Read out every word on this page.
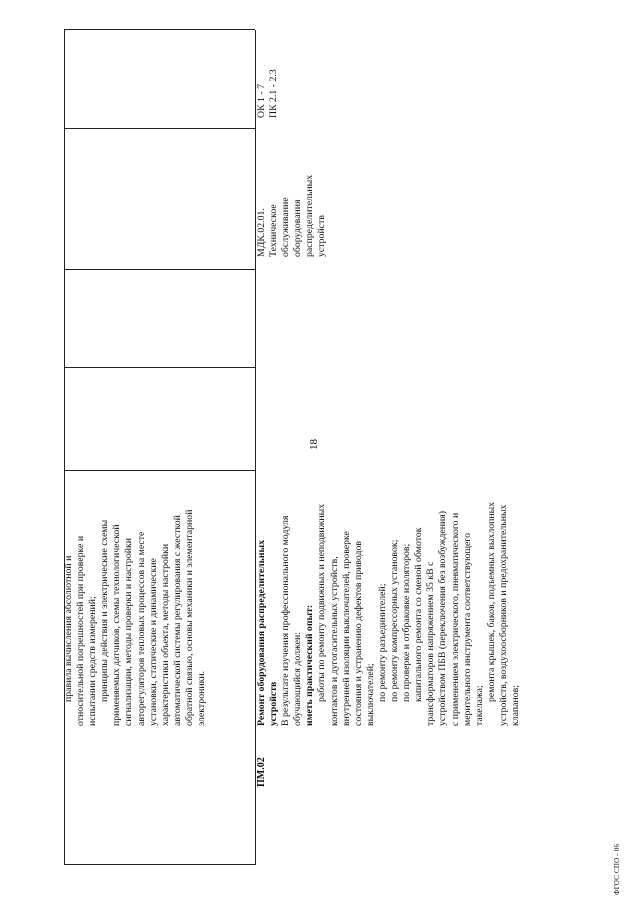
ФГОС СПО - 06
18
ПМ.02
правила вычисления абсолютной и относительной погрешностей при проверке и испытании средств измерений; принципы действия и электрические схемы применяемых датчиков, схемы технологической сигнализации, методы проверки и настройки авторегуляторов тепловых процессов на месте установки, статические и динамические характеристики объекта, методы настройки автоматической системы регулирования с жесткой обратной связью, основы механики и элементарной электроники.	Ремонт оборудования распределительных устройств В результате изучения профессионального модуля обучающийся должен: иметь практический опыт: работы по ремонту подвижных и неподвижных контактов и дугогасительных устройств, внутренней изоляции выключателей, проверке состояния и устранению дефектов приводов выключателей; по ремонту разъединителей; по ремонту компрессорных установок; по проверке и отбраковке изоляторов; капитального ремонта со сменой обмоток трансформаторов напряжением 35 кВ с устройством ПБВ (переключения без возбуждения) с применением электрического, пневматического и мерительного инструмента соответствующего такелажа;
ремонта крышек, баков, подъемных выхлопных устройств, воздухоосборников и предохранительных клапанов;
МДК.02.01. Техническое обслуживание оборудования распределительных устройств
ОК 1 - 7 ПК 2.1 - 2.3
